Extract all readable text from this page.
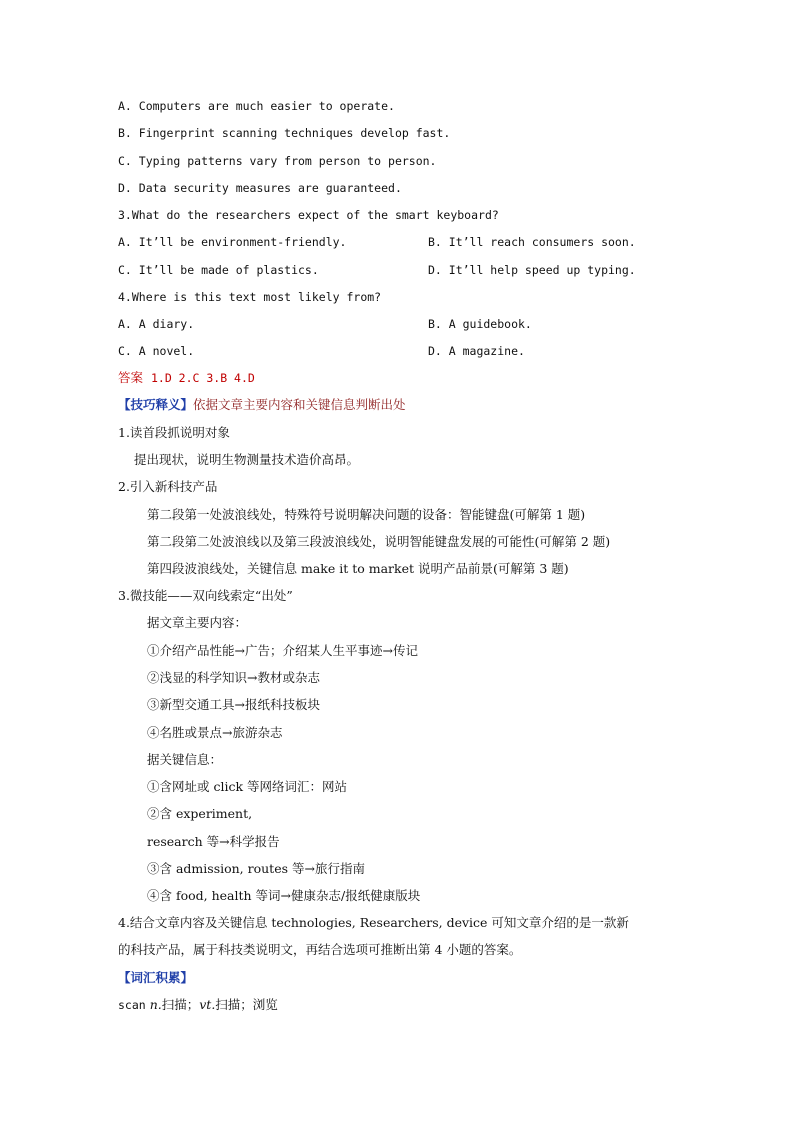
A. Computers are much easier to operate.
B. Fingerprint scanning techniques develop fast.
C. Typing patterns vary from person to person.
D. Data security measures are guaranteed.
3.What do the researchers expect of the smart keyboard?
A. It’ll be environment-friendly.	B. It’ll reach consumers soon.
C. It’ll be made of plastics.	D. It’ll help speed up typing.
4.Where is this text most likely from?
A. A diary.	B. A guidebook.
C. A novel.	D. A magazine.
答案 1.D 2.C 3.B 4.D
【技巧释义】依据文章主要内容和关键信息判断出处
1.读首段抓说明对象
提出现状，说明生物测量技术造价高昂。
2.引入新科技产品
第二段第一处波浪线处，特殊符号说明解决问题的设备：智能键盘(可解第 1 题)
第二段第二处波浪线以及第三段波浪线处，说明智能键盘发展的可能性(可解第 2 题)
第四段波浪线处，关键信息 make it to market 说明产品前景(可解第 3 题)
3.微技能——双向线索定“出处”
据文章主要内容：
①介绍产品性能→广告；介绍某人生平事迹→传记
②浅显的科学知识→教材或杂志
③新型交通工具→报纸科技板块
④名胜或景点→旅游杂志
据关键信息：
①含网址或 click 等网络词汇：网站
②含 experiment,
research 等→科学报告
③含 admission, routes 等→旅行指南
④含 food, health 等词→健康杂志/报纸健康版块
4.结合文章内容及关键信息 technologies, Researchers, device 可知文章介绍的是一款新
的科技产品，属于科技类说明文，再结合选项可推断出第 4 小题的答案。
【词汇积累】
scan n.扫描；vt.扫描；浏览
